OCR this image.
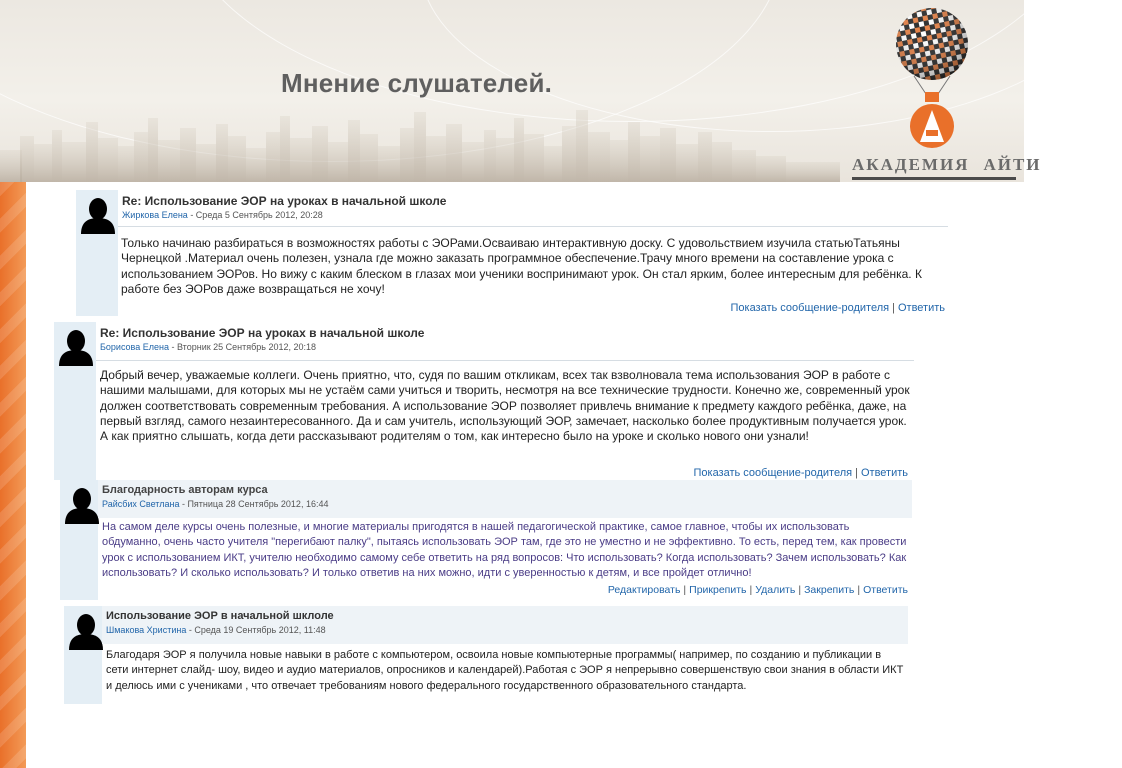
Мнение слушателей.
АКАДЕМИЯ АЙТИ
Re: Использование ЭОР на уроках в начальной школе
Жиркова Елена - Среда 5 Сентябрь 2012, 20:28

Только начинаю разбираться в возможностях работы с ЭОРами.Осваиваю интерактивную доску. С удовольствием изучила статьюТатьяны Чернецкой .Материал очень полезен, узнала где можно заказать программное обеспечение.Трачу много времени на составление урока с использованием ЭОРов. Но вижу с каким блеском в глазах мои ученики воспринимают урок. Он стал ярким, более интересным для ребёнка. К работе без ЭОРов даже возвращаться не хочу!

Показать сообщение-родителя | Ответить
Re: Использование ЭОР на уроках в начальной школе
Борисова Елена - Вторник 25 Сентябрь 2012, 20:18

Добрый вечер, уважаемые коллеги. Очень приятно, что, судя по вашим откликам, всех так взволновала тема использования ЭОР в работе с нашими малышами, для которых мы не устаём сами учиться и творить, несмотря на все технические трудности. Конечно же, современный урок должен соответствовать современным требования. А использование ЭОР позволяет привлечь внимание к предмету каждого ребёнка, даже, на первый взгляд, самого незаинтересованного. Да и сам учитель, использующий ЭОР, замечает, насколько более продуктивным получается урок. А как приятно слышать, когда дети рассказывают родителям о том, как интересно было на уроке и сколько нового они узнали!

Показать сообщение-родителя | Ответить
Благодарность авторам курса
Райсбих Светлана - Пятница 28 Сентябрь 2012, 16:44

На самом деле курсы очень полезные, и многие материалы пригодятся в нашей педагогической практике, самое главное, чтобы их использовать обдуманно, очень часто учителя "перегибают палку", пытаясь использовать ЭОР там, где это не уместно и не эффективно. То есть, перед тем, как провести урок с использованием ИКТ, учителю необходимо самому себе ответить на ряд вопросов: Что использовать? Когда использовать? Зачем использовать? Как использовать? И сколько использовать? И только ответив на них можно, идти с уверенностью к детям, и все пройдет отлично!

Редактировать | Прикрепить | Удалить | Закрепить | Ответить
Использование ЭОР в начальной шклоле
Шмакова Христина - Среда 19 Сентябрь 2012, 11:48

Благодаря ЭОР я получила новые навыки в работе с компьютером, освоила новые компьютерные программы( например, по созданию и публикации в сети интернет слайд- шоу, видео и аудио материалов, опросников и календарей).Работая с ЭОР я непрерывно совершенствую свои знания в области ИКТ и делюсь ими с учениками , что отвечает требованиям нового федерального государственного образовательного стандарта.
